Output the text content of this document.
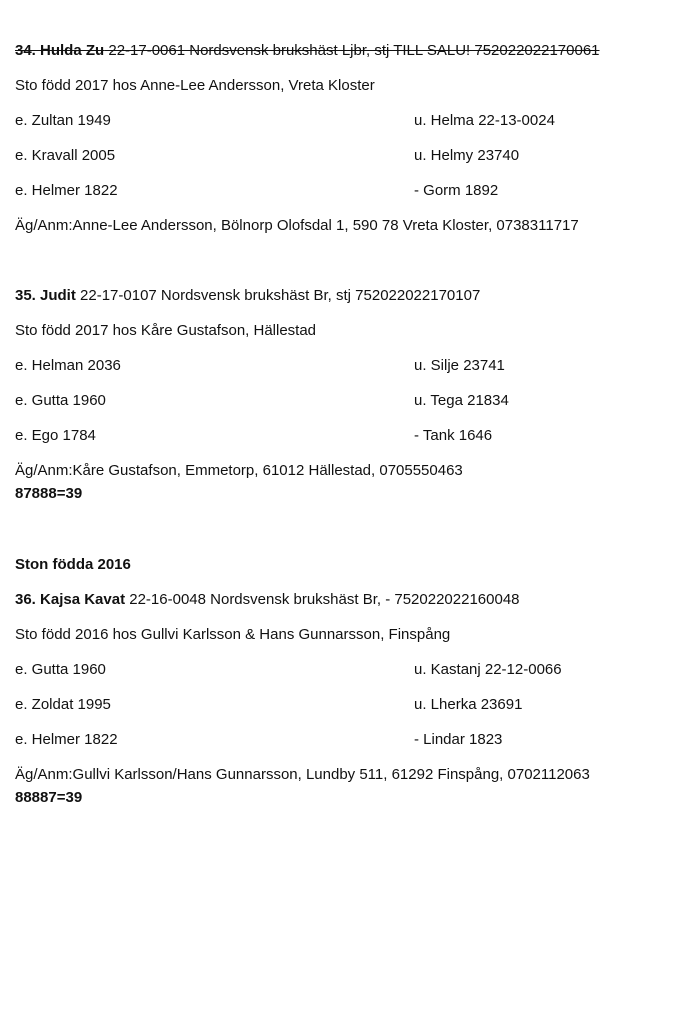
34. Hulda Zu 22-17-0061 Nordsvensk brukshäst Ljbr, stj TILL SALU! 752022022170061
Sto född 2017 hos Anne-Lee Andersson, Vreta Kloster
e. Zultan 1949	u. Helma 22-13-0024
e. Kravall 2005	u. Helmy 23740
e. Helmer 1822	- Gorm 1892
Äg/Anm:Anne-Lee Andersson, Bölnorp Olofsdal 1, 590 78 Vreta Kloster, 0738311717
35. Judit 22-17-0107 Nordsvensk brukshäst Br, stj 752022022170107
Sto född 2017 hos Kåre Gustafson, Hällestad
e. Helman 2036	u. Silje 23741
e. Gutta 1960	u. Tega 21834
e. Ego 1784	- Tank 1646
Äg/Anm:Kåre Gustafson, Emmetorp, 61012 Hällestad, 0705550463
87888=39
Ston födda 2016
36. Kajsa Kavat 22-16-0048 Nordsvensk brukshäst Br, - 752022022160048
Sto född 2016 hos Gullvi Karlsson & Hans Gunnarsson, Finspång
e. Gutta 1960	u. Kastanj 22-12-0066
e. Zoldat 1995	u. Lherka 23691
e. Helmer 1822	- Lindar 1823
Äg/Anm:Gullvi Karlsson/Hans Gunnarsson, Lundby 511, 61292 Finspång, 0702112063
88887=39
